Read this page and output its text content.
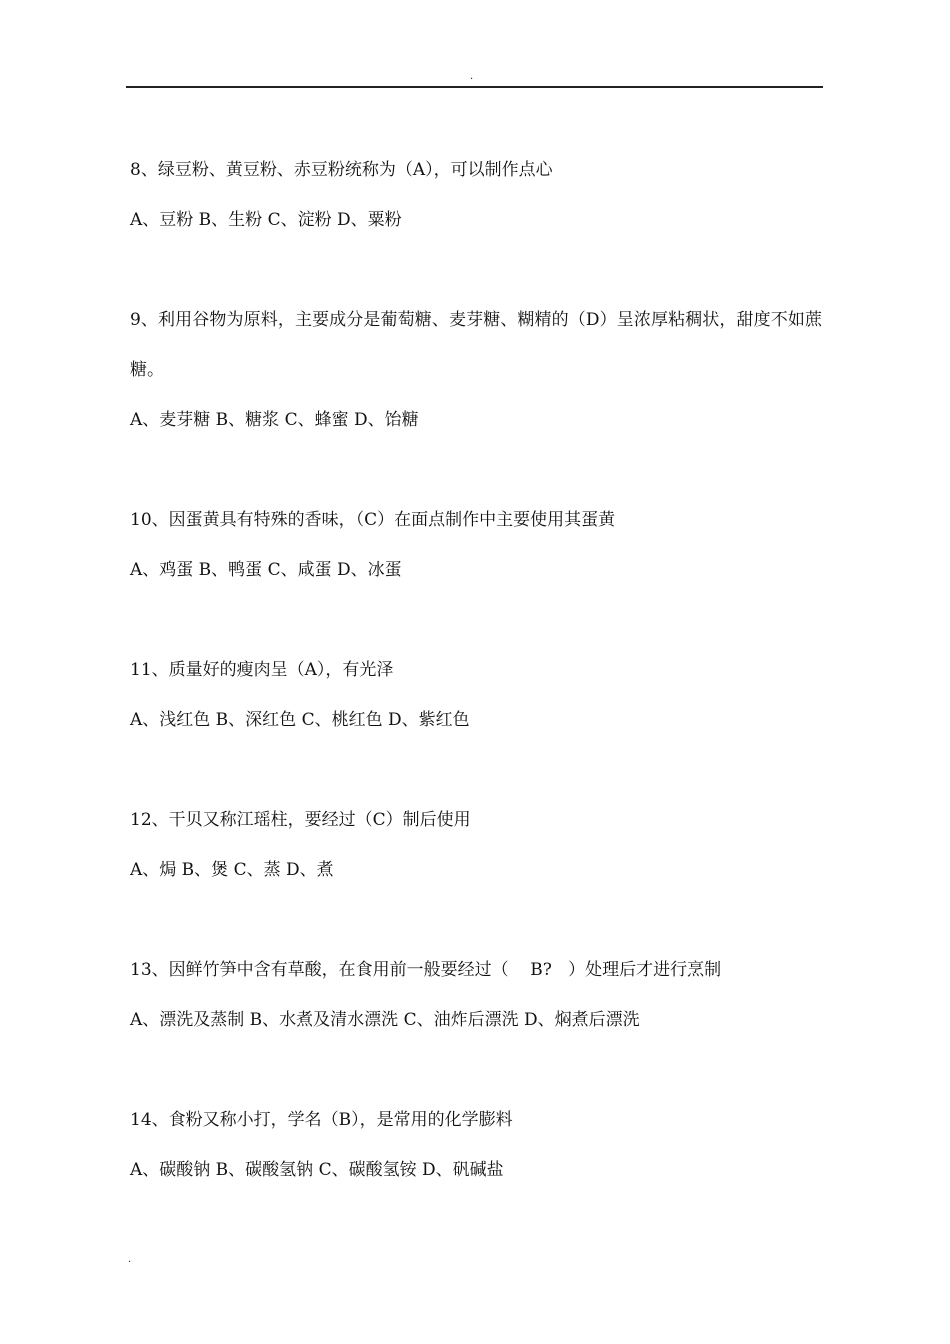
.
8、绿豆粉、黄豆粉、赤豆粉统称为（A），可以制作点心
A、豆粉 B、生粉 C、淀粉 D、粟粉
9、利用谷物为原料，主要成分是葡萄糖、麦芽糖、糊精的（D）呈浓厚粘稠状，甜度不如蔗糖。
A、麦芽糖 B、糖浆 C、蜂蜜 D、饴糖
10、因蛋黄具有特殊的香味，（C）在面点制作中主要使用其蛋黄
A、鸡蛋 B、鸭蛋 C、咸蛋 D、冰蛋
11、质量好的瘦肉呈（A），有光泽
A、浅红色 B、深红色 C、桃红色 D、紫红色
12、干贝又称江瑶柱，要经过（C）制后使用
A、焗 B、煲 C、蒸 D、煮
13、因鲜竹笋中含有草酸，在食用前一般要经过（    B?   ）处理后才进行烹制
A、漂洗及蒸制 B、水煮及清水漂洗 C、油炸后漂洗 D、焖煮后漂洗
14、食粉又称小打，学名（B），是常用的化学膨料
A、碳酸钠 B、碳酸氢钠 C、碳酸氢铵 D、矾碱盐
.
